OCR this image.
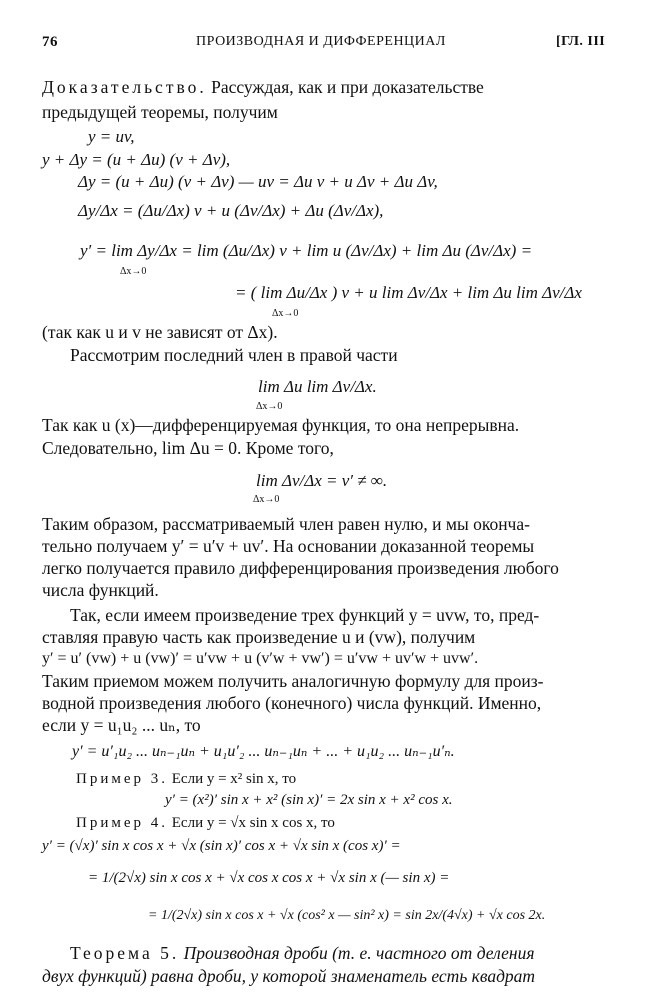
76	ПРОИЗВОДНАЯ И ДИФФЕРЕНЦИАЛ	[ГЛ. III
Доказательство. Рассуждая, как и при доказательстве
предыдущей теоремы, получим
y = uv,
y + Δy = (u + Δu) (v + Δv),
Δy = (u + Δu) (v + Δv) — uv = Δu v + u Δv + Δu Δv,
Δy/Δx = (Δu/Δx) v + u (Δv/Δx) + Δu (Δv/Δx),
y′ = lim Δy/Δx = lim (Δu/Δx) v + lim u (Δv/Δx) + lim Δu (Δv/Δx) =
Δx→0
= ( lim Δu/Δx ) v + u lim Δv/Δx + lim Δu lim Δv/Δx
Δx→0
(так как u и v не зависят от Δx).
Рассмотрим последний член в правой части
lim Δu lim Δv/Δx.
Δx→0
Так как u (x)—дифференцируемая функция, то она непрерывна.
Следовательно, lim Δu = 0. Кроме того,
lim Δv/Δx = v′ ≠ ∞.
Δx→0
Таким образом, рассматриваемый член равен нулю, и мы оконча-
тельно получаем y′ = u′v + uv′. На основании доказанной теоремы
легко получается правило дифференцирования произведения любого
числа функций.
Так, если имеем произведение трех функций y = uvw, то, пред-
ставляя правую часть как произведение u и (vw), получим
y′ = u′ (vw) + u (vw)′ = u′vw + u (v′w + vw′) = u′vw + uv′w + uvw′.
Таким приемом можем получить аналогичную формулу для произ-
водной произведения любого (конечного) числа функций. Именно,
если y = u₁u₂ ... uₙ, то
y′ = u′₁u₂ ... uₙ₋₁uₙ + u₁u′₂ ... uₙ₋₁uₙ + ... + u₁u₂ ... uₙ₋₁u′ₙ.
Пример 3. Если y = x² sin x, то
y′ = (x²)′ sin x + x² (sin x)′ = 2x sin x + x² cos x.
Пример 4. Если y = √x sin x cos x, то
y′ = (√x)′ sin x cos x + √x (sin x)′ cos x + √x sin x (cos x)′ =
= 1/(2√x) sin x cos x + √x cos x cos x + √x sin x (— sin x) =
= 1/(2√x) sin x cos x + √x (cos² x — sin² x) = sin 2x/(4√x) + √x cos 2x.
Теорема 5. Производная дроби (т. е. частного от деления
двух функций) равна дроби, у которой знаменатель есть квадрат
